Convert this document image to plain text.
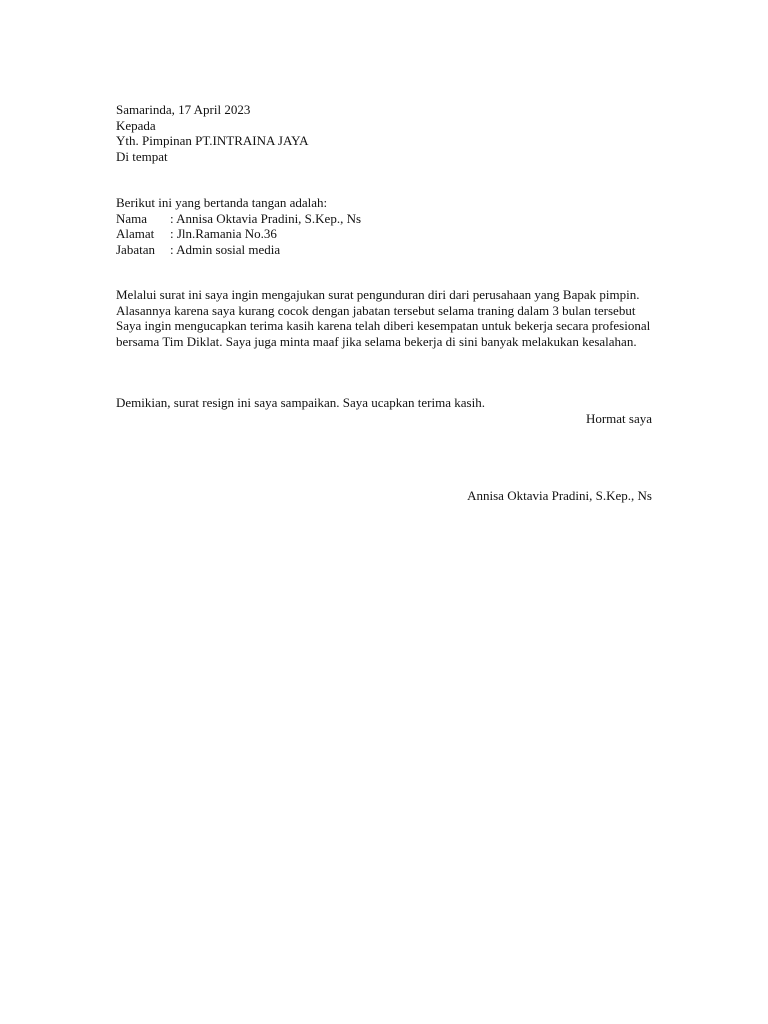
Samarinda, 17 April 2023
Kepada
Yth. Pimpinan PT.INTRAINA JAYA
Di tempat
Berikut ini yang bertanda tangan adalah:
Nama	: Annisa Oktavia Pradini, S.Kep., Ns
Alamat	: Jln.Ramania No.36
Jabatan	: Admin sosial media
Melalui surat ini saya ingin mengajukan surat pengunduran diri dari perusahaan yang Bapak pimpin. Alasannya karena saya kurang cocok dengan jabatan tersebut selama traning dalam 3 bulan tersebut
Saya ingin mengucapkan terima kasih karena telah diberi kesempatan untuk bekerja secara profesional bersama Tim Diklat. Saya juga minta maaf jika selama bekerja di sini banyak melakukan kesalahan.
Demikian, surat resign ini saya sampaikan. Saya ucapkan terima kasih.
Hormat saya
Annisa Oktavia Pradini, S.Kep., Ns
